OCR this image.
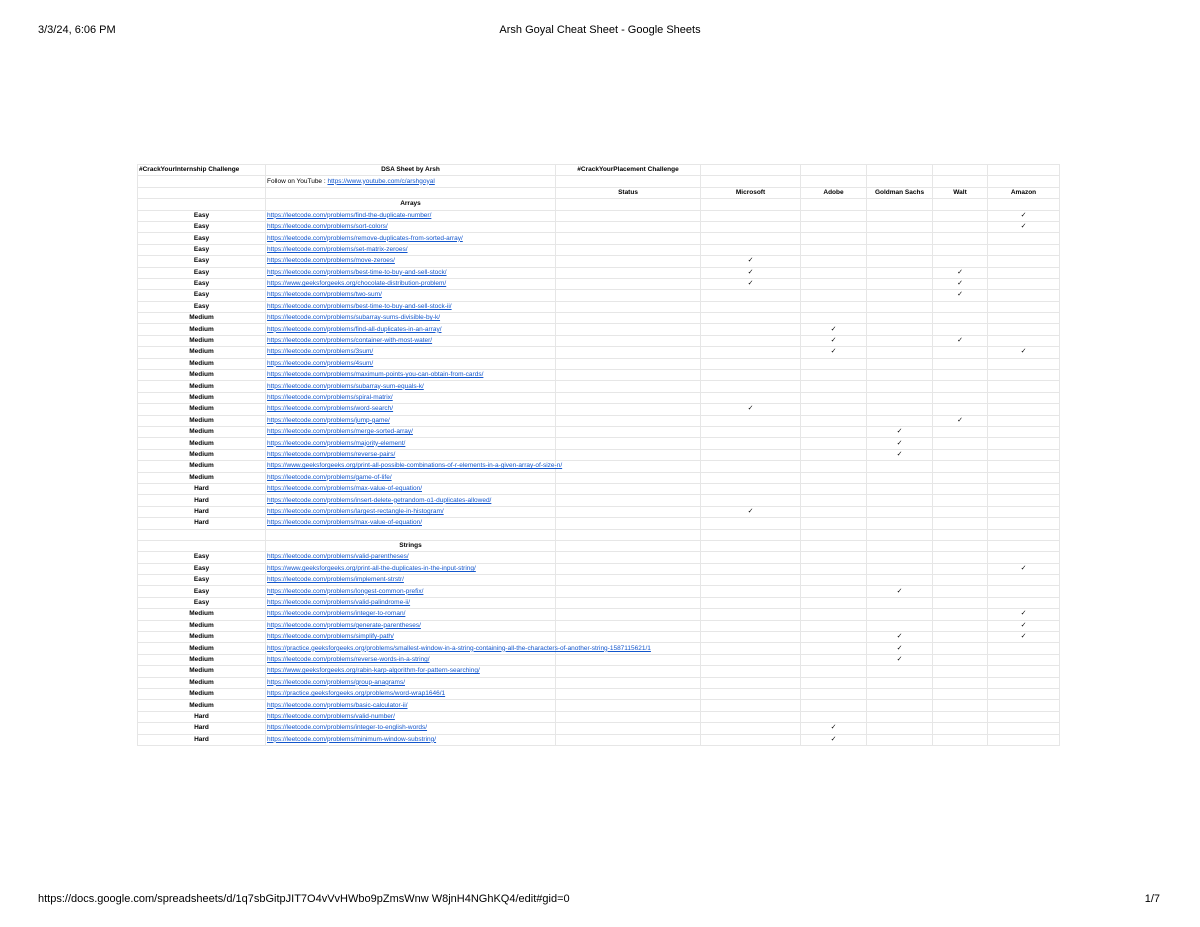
3/3/24, 6:06 PM	Arsh Goyal Cheat Sheet - Google Sheets
#CrackYourInternship Challenge	DSA Sheet by Arsh	#CrackYourPlacement Challenge					
	Follow on YouTube : https://www.youtube.com/c/arshgoyal						
		Status	Microsoft	Adobe	Goldman Sachs	Walt	Amazon
	Arrays						
Easy	https://leetcode.com/problems/find-the-duplicate-number/						✓
Easy	https://leetcode.com/problems/sort-colors/						✓
Easy	https://leetcode.com/problems/remove-duplicates-from-sorted-array/						
Easy	https://leetcode.com/problems/set-matrix-zeroes/						
Easy	https://leetcode.com/problems/move-zeroes/		✓				
Easy	https://leetcode.com/problems/best-time-to-buy-and-sell-stock/		✓			✓	
Easy	https://www.geeksforgeeks.org/chocolate-distribution-problem/		✓			✓	
Easy	https://leetcode.com/problems/two-sum/					✓	
Easy	https://leetcode.com/problems/best-time-to-buy-and-sell-stock-ii/						
Medium	https://leetcode.com/problems/subarray-sums-divisible-by-k/						
Medium	https://leetcode.com/problems/find-all-duplicates-in-an-array/			✓			
Medium	https://leetcode.com/problems/container-with-most-water/			✓		✓	
Medium	https://leetcode.com/problems/3sum/			✓			✓
Medium	https://leetcode.com/problems/4sum/						
Medium	https://leetcode.com/problems/maximum-points-you-can-obtain-from-cards/						
Medium	https://leetcode.com/problems/subarray-sum-equals-k/						
Medium	https://leetcode.com/problems/spiral-matrix/						
Medium	https://leetcode.com/problems/word-search/		✓				
Medium	https://leetcode.com/problems/jump-game/					✓	
Medium	https://leetcode.com/problems/merge-sorted-array/				✓		
Medium	https://leetcode.com/problems/majority-element/				✓		
Medium	https://leetcode.com/problems/reverse-pairs/				✓		
Medium	https://www.geeksforgeeks.org/print-all-possible-combinations-of-r-elements-in-a-given-array-of-size-n/						
Medium	https://leetcode.com/problems/game-of-life/						
Hard	https://leetcode.com/problems/max-value-of-equation/						
Hard	https://leetcode.com/problems/insert-delete-getrandom-o1-duplicates-allowed/						
Hard	https://leetcode.com/problems/largest-rectangle-in-histogram/		✓				
Hard	https://leetcode.com/problems/max-value-of-equation/						

	Strings						
Easy	https://leetcode.com/problems/valid-parentheses/						
Easy	https://www.geeksforgeeks.org/print-all-the-duplicates-in-the-input-string/						✓
Easy	https://leetcode.com/problems/implement-strstr/						
Easy	https://leetcode.com/problems/longest-common-prefix/				✓		
Easy	https://leetcode.com/problems/valid-palindrome-ii/						
Medium	https://leetcode.com/problems/integer-to-roman/						✓
Medium	https://leetcode.com/problems/generate-parentheses/						✓
Medium	https://leetcode.com/problems/simplify-path/				✓		✓
Medium	https://practice.geeksforgeeks.org/problems/smallest-window-in-a-string-containing-all-the-characters-of-another-string-1587115621/1				✓		
Medium	https://leetcode.com/problems/reverse-words-in-a-string/				✓		
Medium	https://www.geeksforgeeks.org/rabin-karp-algorithm-for-pattern-searching/						
Medium	https://leetcode.com/problems/group-anagrams/						
Medium	https://practice.geeksforgeeks.org/problems/word-wrap1646/1						
Medium	https://leetcode.com/problems/basic-calculator-ii/						
Hard	https://leetcode.com/problems/valid-number/						
Hard	https://leetcode.com/problems/integer-to-english-words/			✓			
Hard	https://leetcode.com/problems/minimum-window-substring/			✓			
https://docs.google.com/spreadsheets/d/1q7sbGitpJIT7O4vVvHWbo9pZmsWnw W8jnH4NGhKQ4/edit#gid=0	1/7
